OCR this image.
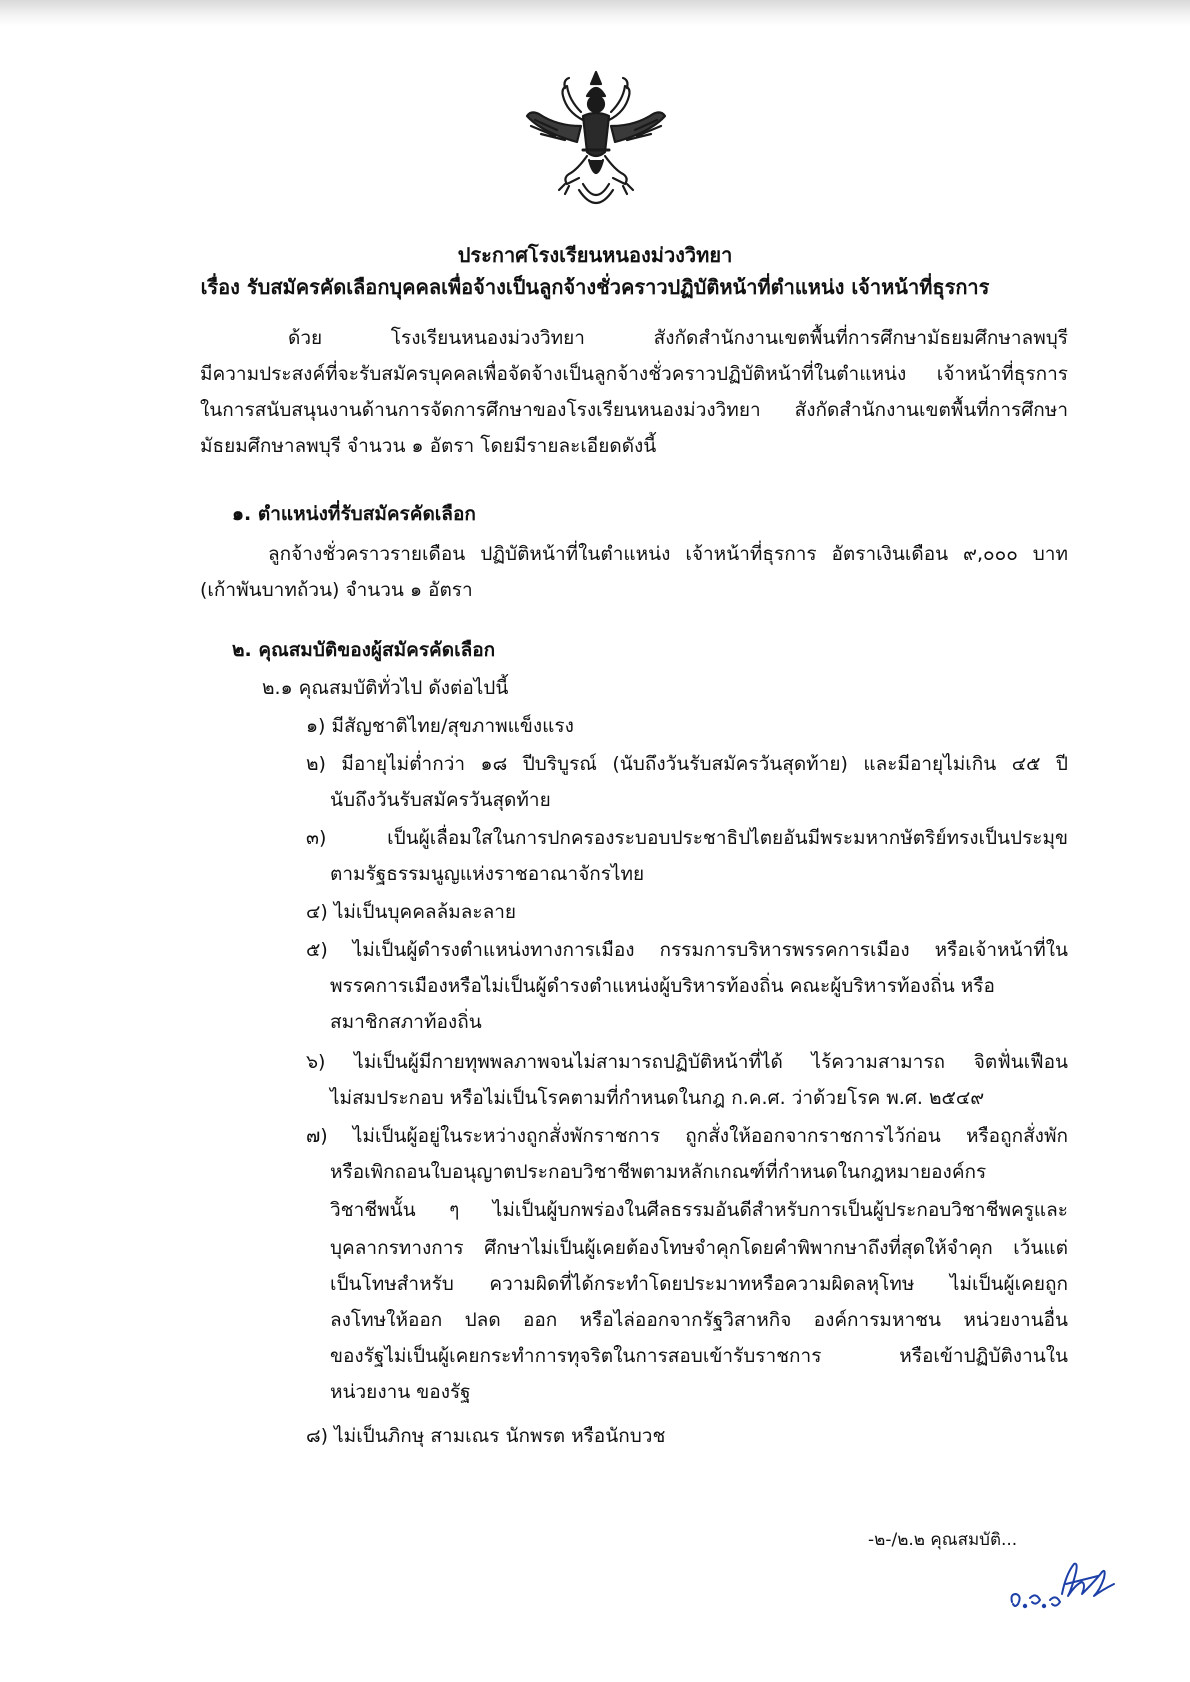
ประกาศโรงเรียนหนองม่วงวิทยา
เรื่อง รับสมัครคัดเลือกบุคคลเพื่อจ้างเป็นลูกจ้างชั่วคราวปฏิบัติหน้าที่ตำแหน่ง เจ้าหน้าที่ธุรการ
ด้วย โรงเรียนหนองม่วงวิทยา สังกัดสำนักงานเขตพื้นที่การศึกษามัธยมศึกษาลพบุรี
มีความประสงค์ที่จะรับสมัครบุคคลเพื่อจัดจ้างเป็นลูกจ้างชั่วคราวปฏิบัติหน้าที่ในตำแหน่ง เจ้าหน้าที่ธุรการ
ในการสนับสนุนงานด้านการจัดการศึกษาของโรงเรียนหนองม่วงวิทยา สังกัดสำนักงานเขตพื้นที่การศึกษา
มัธยมศึกษาลพบุรี จำนวน ๑ อัตรา โดยมีรายละเอียดดังนี้
๑. ตำแหน่งที่รับสมัครคัดเลือก
ลูกจ้างชั่วคราวรายเดือน ปฏิบัติหน้าที่ในตำแหน่ง เจ้าหน้าที่ธุรการ อัตราเงินเดือน ๙,๐๐๐ บาท
(เก้าพันบาทถ้วน) จำนวน ๑ อัตรา
๒. คุณสมบัติของผู้สมัครคัดเลือก
๒.๑ คุณสมบัติทั่วไป ดังต่อไปนี้
๑) มีสัญชาติไทย/สุขภาพแข็งแรง
๒) มีอายุไม่ต่ำกว่า ๑๘ ปีบริบูรณ์ (นับถึงวันรับสมัครวันสุดท้าย) และมีอายุไม่เกิน ๔๕ ปี
นับถึงวันรับสมัครวันสุดท้าย
๓) เป็นผู้เลื่อมใสในการปกครองระบอบประชาธิปไตยอันมีพระมหากษัตริย์ทรงเป็นประมุข
ตามรัฐธรรมนูญแห่งราชอาณาจักรไทย
๔) ไม่เป็นบุคคลล้มละลาย
๕) ไม่เป็นผู้ดำรงตำแหน่งทางการเมือง กรรมการบริหารพรรคการเมือง หรือเจ้าหน้าที่ใน
พรรคการเมืองหรือไม่เป็นผู้ดำรงตำแหน่งผู้บริหารท้องถิ่น คณะผู้บริหารท้องถิ่น หรือ
สมาชิกสภาท้องถิ่น
๖) ไม่เป็นผู้มีกายทุพพลภาพจนไม่สามารถปฏิบัติหน้าที่ได้ ไร้ความสามารถ จิตฟั่นเฟือน
ไม่สมประกอบ หรือไม่เป็นโรคตามที่กำหนดในกฎ ก.ค.ศ. ว่าด้วยโรค พ.ศ. ๒๕๔๙
๗) ไม่เป็นผู้อยู่ในระหว่างถูกสั่งพักราชการ ถูกสั่งให้ออกจากราชการไว้ก่อน หรือถูกสั่งพัก
หรือเพิกถอนใบอนุญาตประกอบวิชาชีพตามหลักเกณฑ์ที่กำหนดในกฎหมายองค์กร
วิชาชีพนั้น ๆ ไม่เป็นผู้บกพร่องในศีลธรรมอันดีสำหรับการเป็นผู้ประกอบวิชาชีพครูและ
บุคลากรทางการ ศึกษาไม่เป็นผู้เคยต้องโทษจำคุกโดยคำพิพากษาถึงที่สุดให้จำคุก เว้นแต่
เป็นโทษสำหรับ ความผิดที่ได้กระทำโดยประมาทหรือความผิดลหุโทษ ไม่เป็นผู้เคยถูก
ลงโทษให้ออก ปลด ออก หรือไล่ออกจากรัฐวิสาหกิจ องค์การมหาชน หน่วยงานอื่น
ของรัฐไม่เป็นผู้เคยกระทำการทุจริตในการสอบเข้ารับราชการ หรือเข้าปฏิบัติงานใน
หน่วยงาน ของรัฐ
๘) ไม่เป็นภิกษุ สามเณร นักพรต หรือนักบวช
-๒-/๒.๒ คุณสมบัติ...
